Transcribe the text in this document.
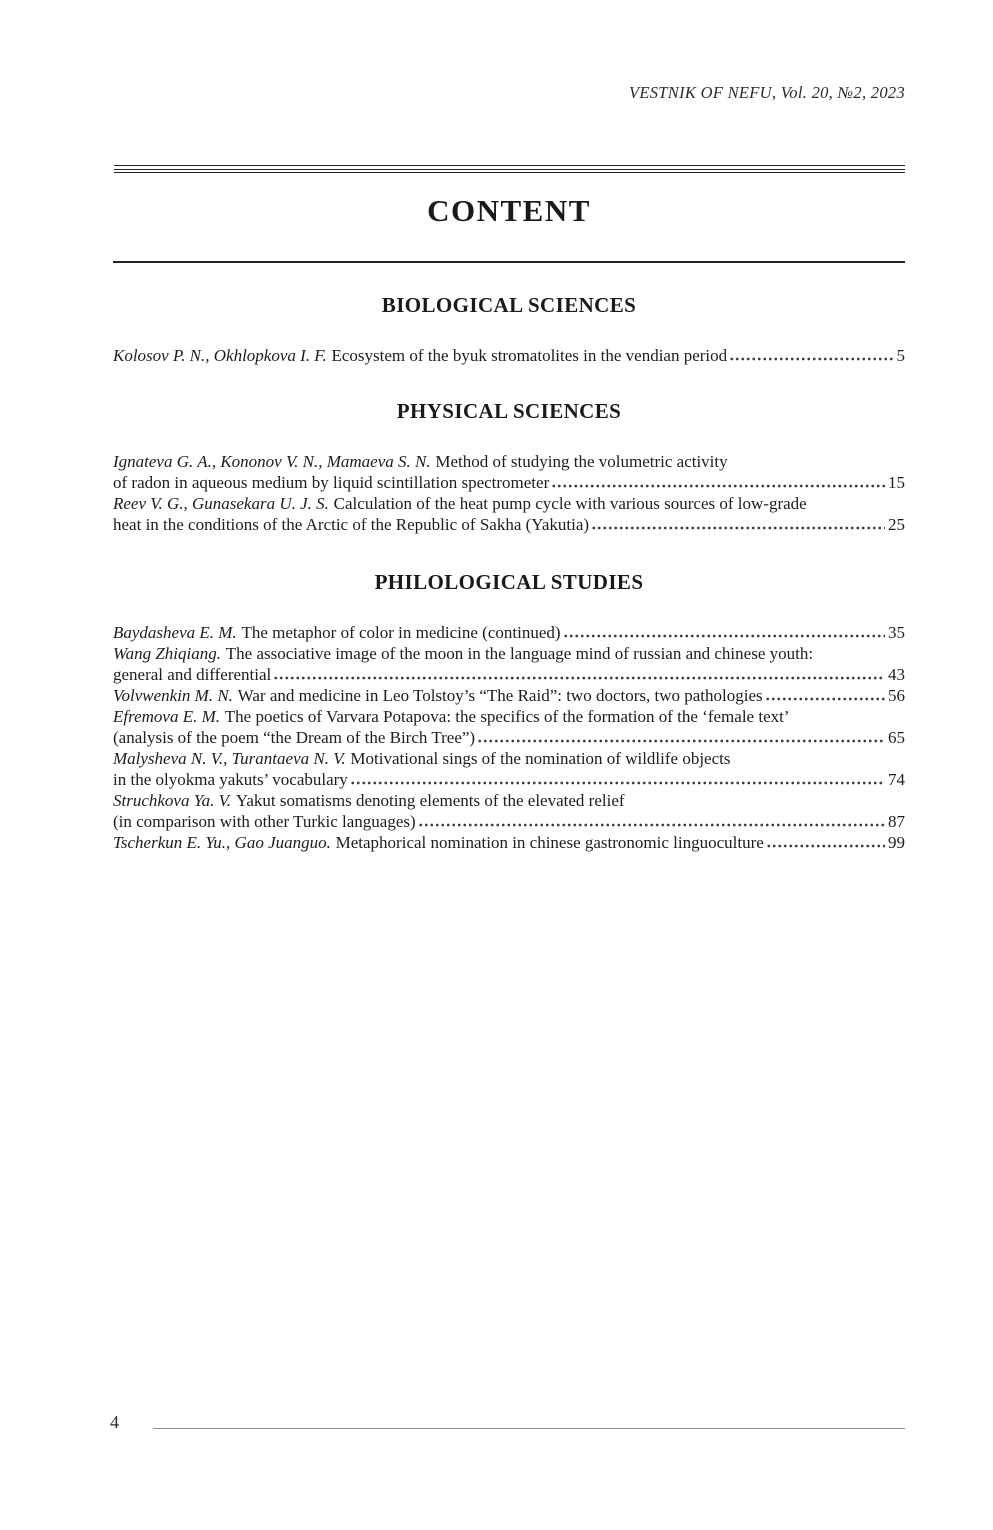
VESTNIK OF NEFU, Vol. 20, №2, 2023
CONTENT
BIOLOGICAL SCIENCES
Kolosov P. N., Okhlopkova I. F. Ecosystem of the byuk stromatolites in the vendian period	5
PHYSICAL SCIENCES
Ignateva G. A., Kononov V. N., Mamaeva S. N. Method of studying the volumetric activity
of radon in aqueous medium by liquid scintillation spectrometer	15
Reev V. G., Gunasekara U. J. S. Calculation of the heat pump cycle with various sources of low-grade
heat in the conditions of the Arctic of the Republic of Sakha (Yakutia)	25
PHILOLOGICAL STUDIES
Baydasheva E. M. The metaphor of color in medicine (continued)	35
Wang Zhiqiang. The associative image of the moon in the language mind of russian and chinese youth:
general and differential	43
Volvwenkin M. N. War and medicine in Leo Tolstoy’s “The Raid”: two doctors, two pathologies	56
Efremova E. M. The poetics of Varvara Potapova: the specifics of the formation of the ‘female text’
(analysis of the poem “the Dream of the Birch Tree”)	65
Malysheva N. V., Turantaeva N. V. Motivational sings of the nomination of wildlife objects
in the olyokma yakuts’ vocabulary	74
Struchkova Ya. V. Yakut somatisms denoting elements of the elevated relief
(in comparison with other Turkic languages)	87
Tscherkun E. Yu., Gao Juanguo. Metaphorical nomination in chinese gastronomic linguoculture	99
4
